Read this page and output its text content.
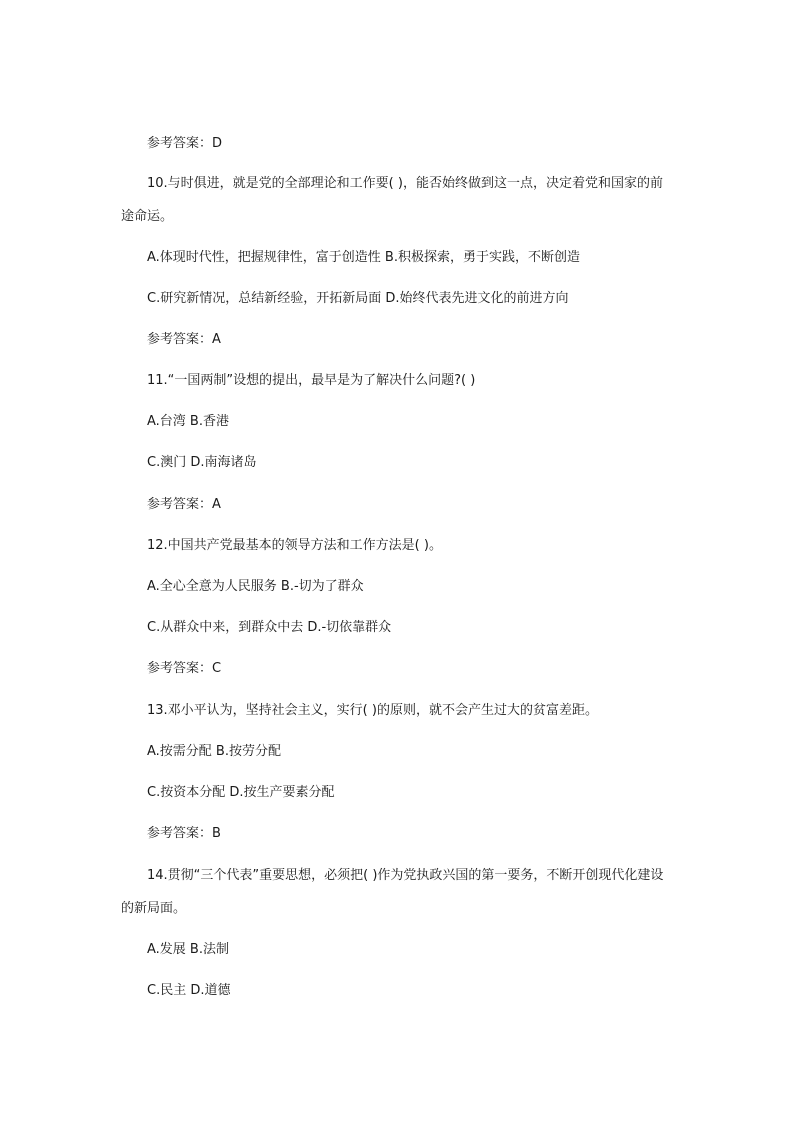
参考答案：D
10.与时俱进，就是党的全部理论和工作要( )，能否始终做到这一点，决定着党和国家的前途命运。
A.体现时代性，把握规律性，富于创造性 B.积极探索，勇于实践，不断创造
C.研究新情况，总结新经验，开拓新局面 D.始终代表先进文化的前进方向
参考答案：A
11.“一国两制”设想的提出，最早是为了解决什么问题?( )
A.台湾 B.香港
C.澳门 D.南海诸岛
参考答案：A
12.中国共产党最基本的领导方法和工作方法是( )。
A.全心全意为人民服务 B.-切为了群众
C.从群众中来，到群众中去 D.-切依靠群众
参考答案：C
13.邓小平认为，坚持社会主义，实行( )的原则，就不会产生过大的贫富差距。
A.按需分配 B.按劳分配
C.按资本分配 D.按生产要素分配
参考答案：B
14.贯彻“三个代表”重要思想，必须把( )作为党执政兴国的第一要务，不断开创现代化建设的新局面。
A.发展 B.法制
C.民主 D.道德
